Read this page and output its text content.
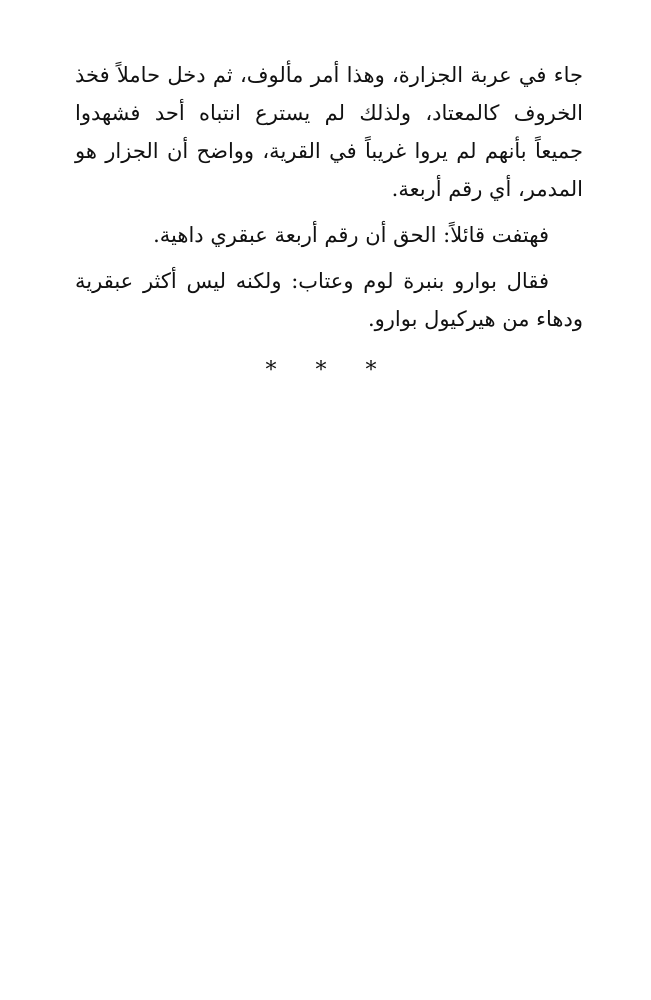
جاء في عربة الجزارة، وهذا أمر مألوف، ثم دخل حاملاً فخذ الخروف كالمعتاد، ولذلك لم يسترع انتباه أحد فشهدوا جميعاً بأنهم لم يروا غريباً في القرية، وواضح أن الجزار هو المدمر، أي رقم أربعة.

فهتفت قائلاً: الحق أن رقم أربعة عبقري داهية.

فقال بوارو بنبرة لوم وعتاب: ولكنه ليس أكثر عبقرية ودهاء من هيركيول بوارو.

* * *
